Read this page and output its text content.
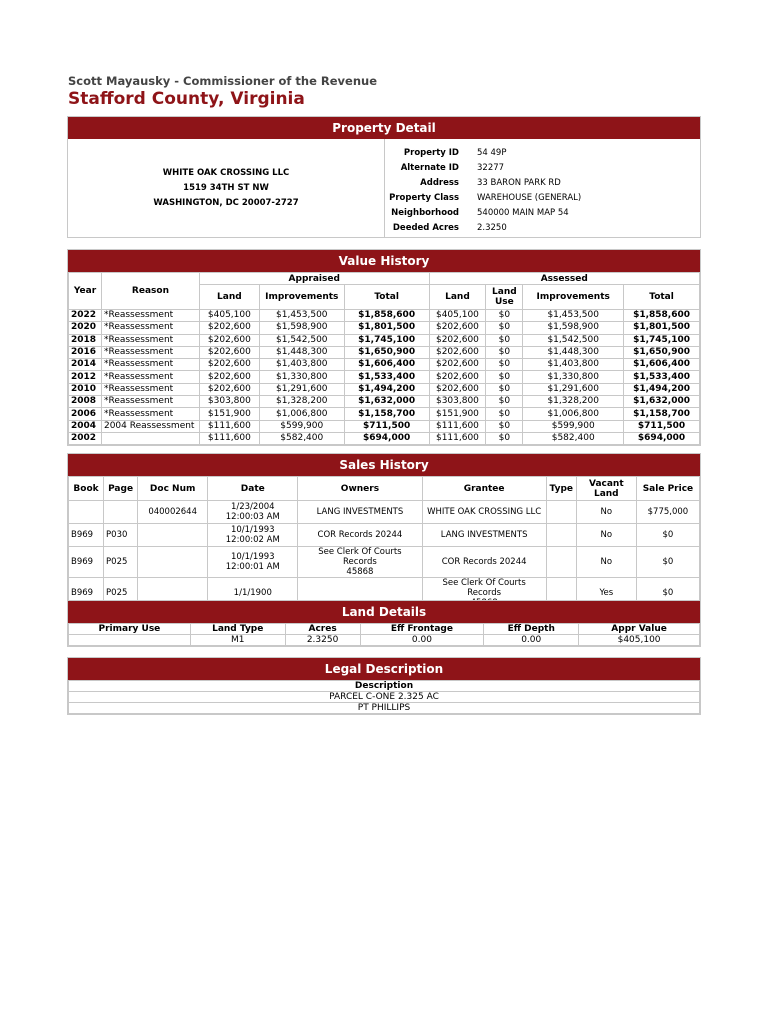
Scott Mayausky - Commissioner of the Revenue
Stafford County, Virginia
Property Detail
WHITE OAK CROSSING LLC
1519 34TH ST NW
WASHINGTON, DC 20007-2727
Property ID	54 49P
Alternate ID	32277
Address	33 BARON PARK RD
Property Class	WAREHOUSE (GENERAL)
Neighborhood	540000 MAIN MAP 54
Deeded Acres	2.3250
Value History
Year	Reason	Appraised			Assessed			
		Land	Improvements	Total	Land	Land Use	Improvements	Total
2022	*Reassessment	$405,100	$1,453,500	$1,858,600	$405,100	$0	$1,453,500	$1,858,600
2020	*Reassessment	$202,600	$1,598,900	$1,801,500	$202,600	$0	$1,598,900	$1,801,500
2018	*Reassessment	$202,600	$1,542,500	$1,745,100	$202,600	$0	$1,542,500	$1,745,100
2016	*Reassessment	$202,600	$1,448,300	$1,650,900	$202,600	$0	$1,448,300	$1,650,900
2014	*Reassessment	$202,600	$1,403,800	$1,606,400	$202,600	$0	$1,403,800	$1,606,400
2012	*Reassessment	$202,600	$1,330,800	$1,533,400	$202,600	$0	$1,330,800	$1,533,400
2010	*Reassessment	$202,600	$1,291,600	$1,494,200	$202,600	$0	$1,291,600	$1,494,200
2008	*Reassessment	$303,800	$1,328,200	$1,632,000	$303,800	$0	$1,328,200	$1,632,000
2006	*Reassessment	$151,900	$1,006,800	$1,158,700	$151,900	$0	$1,006,800	$1,158,700
2004	2004 Reassessment	$111,600	$599,900	$711,500	$111,600	$0	$599,900	$711,500
2002		$111,600	$582,400	$694,000	$111,600	$0	$582,400	$694,000
Sales History
Book	Page	Doc Num	Date	Owners	Grantee	Type	Vacant Land	Sale Price
		040002644	1/23/2004
12:00:03 AM	LANG INVESTMENTS	WHITE OAK CROSSING LLC		No	$775,000
B969	P030		10/1/1993
12:00:02 AM	COR Records 20244	LANG INVESTMENTS		No	$0
B969	P025		10/1/1993
12:00:01 AM	See Clerk Of Courts Records
45868	COR Records 20244		No	$0
B969	P025		1/1/1900		See Clerk Of Courts Records		Yes	$0
Land Details
Primary Use	Land Type	Acres	Eff Frontage	Eff Depth	Appr Value
	M1	2.3250	0.00	0.00	$405,100
Legal Description
Description
PARCEL C-ONE 2.325 AC
PT PHILLIPS
